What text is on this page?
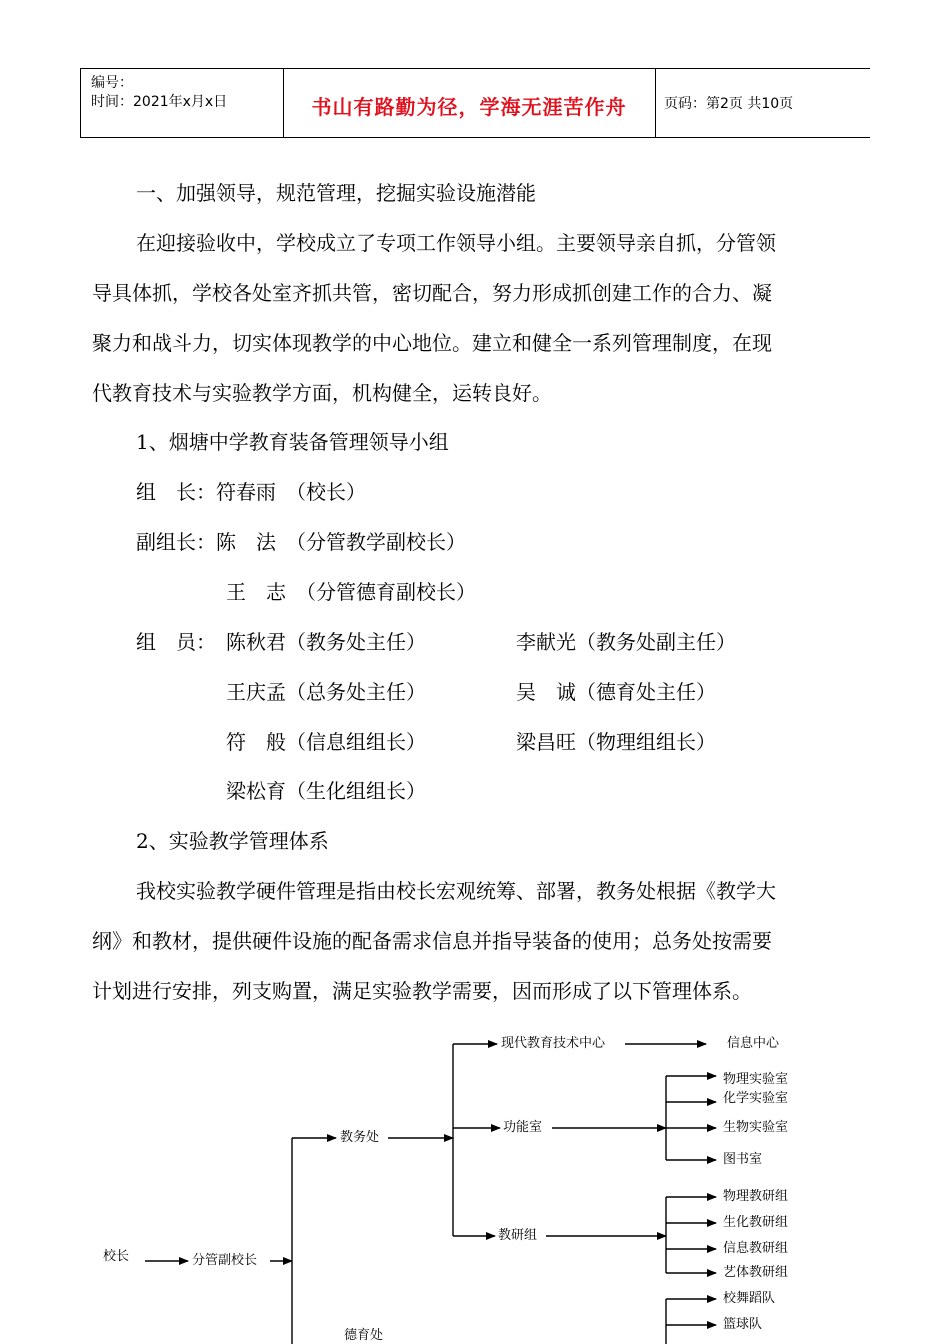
编号：
时间：2021年x月x日	书山有路勤为径，学海无涯苦作舟	页码：第2页 共10页
一、加强领导，规范管理，挖掘实验设施潜能
在迎接验收中，学校成立了专项工作领导小组。主要领导亲自抓，分管领
导具体抓，学校各处室齐抓共管，密切配合，努力形成抓创建工作的合力、凝
聚力和战斗力，切实体现教学的中心地位。建立和健全一系列管理制度，在现
代教育技术与实验教学方面，机构健全，运转良好。
1、烟塘中学教育装备管理领导小组
组　长：符春雨　（校长）
副组长：陈　法　（分管教学副校长）
王　志　（分管德育副校长）
组　员： 陈秋君（教务处主任）	李献光（教务处副主任）
王庆孟（总务处主任）	吴　诚（德育处主任）
符　般（信息组组长）	梁昌旺（物理组组长）
梁松育（生化组组长）
2、实验教学管理体系
我校实验教学硬件管理是指由校长宏观统筹、部署，教务处根据《教学大
纲》和教材，提供硬件设施的配备需求信息并指导装备的使用；总务处按需要
计划进行安排，列支购置，满足实验教学需要，因而形成了以下管理体系。
校长	分管副校长
教务处
德育处
现代教育技术中心	信息中心
功能室
物理实验室
化学实验室
生物实验室
图书室
教研组
物理教研组
生化教研组
信息教研组
艺体教研组
校舞蹈队
篮球队
